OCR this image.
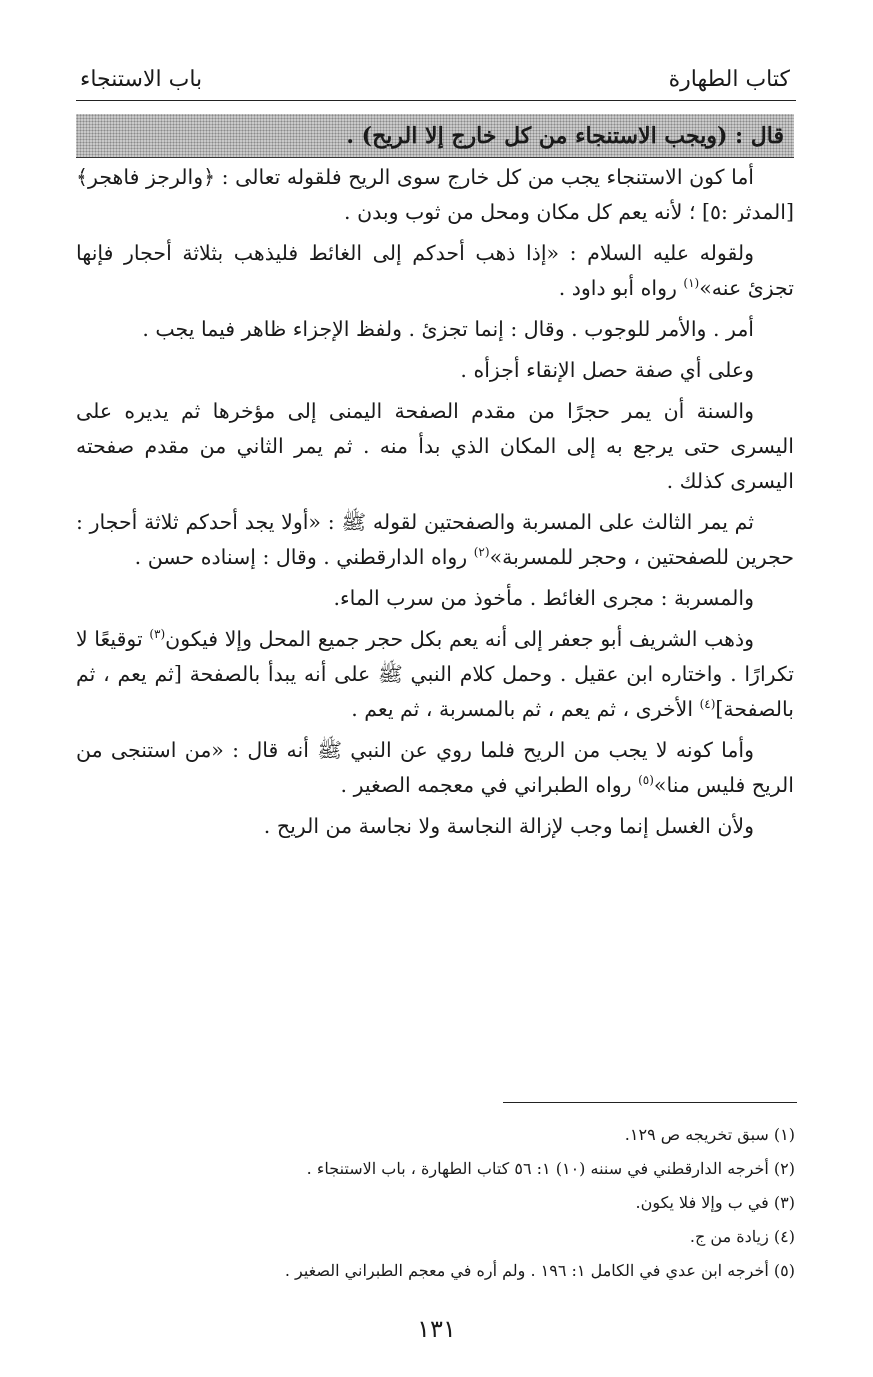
كتاب الطهارة
باب الاستنجاء
قال : (ويجب الاستنجاء من كل خارج إلا الريح) .

أما كون الاستنجاء يجب من كل خارج سوى الريح فلقوله تعالى : ﴿والرجز فاهجر﴾ [المدثر :٥] ؛ لأنه يعم كل مكان ومحل من ثوب وبدن .

ولقوله عليه السلام : «إذا ذهب أحدكم إلى الغائط فليذهب بثلاثة أحجار فإنها تجزئ عنه»$^{(١)}$ رواه أبو داود .

أمر . والأمر للوجوب . وقال : إنما تجزئ . ولفظ الإجزاء ظاهر فيما يجب .

وعلى أي صفة حصل الإنقاء أجزأه .

والسنة أن يمر حجرًا من مقدم الصفحة اليمنى إلى مؤخرها ثم يديره على اليسرى حتى يرجع به إلى المكان الذي بدأ منه . ثم يمر الثاني من مقدم صفحته اليسرى كذلك .

ثم يمر الثالث على المسربة والصفحتين لقوله ﷺ : «أولا يجد أحدكم ثلاثة أحجار : حجرين للصفحتين ، وحجر للمسربة»$^{(٢)}$ رواه الدارقطني . وقال : إسناده حسن .

والمسربة : مجرى الغائط . مأخوذ من سرب الماء.

وذهب الشريف أبو جعفر إلى أنه يعم بكل حجر جميع المحل وإلا فيكون$^{(٣)}$ توقيعًا لا تكرارًا . واختاره ابن عقيل . وحمل كلام النبي ﷺ على أنه يبدأ بالصفحة [ثم يعم ، ثم بالصفحة]$^{(٤)}$ الأخرى ، ثم يعم ، ثم بالمسربة ، ثم يعم .

وأما كونه لا يجب من الريح فلما روي عن النبي ﷺ أنه قال : «من استنجى من الريح فليس منا»$^{(٥)}$ رواه الطبراني في معجمه الصغير .

ولأن الغسل إنما وجب لإزالة النجاسة ولا نجاسة من الريح .

(١) سبق تخريجه ص ١٢٩.
(٢) أخرجه الدارقطني في سننه (١٠) ١: ٥٦ كتاب الطهارة ، باب الاستنجاء .
(٣) في ب وإلا فلا يكون.
(٤) زيادة من ج.
(٥) أخرجه ابن عدي في الكامل ١: ١٩٦ . ولم أره في معجم الطبراني الصغير .
١٣١
